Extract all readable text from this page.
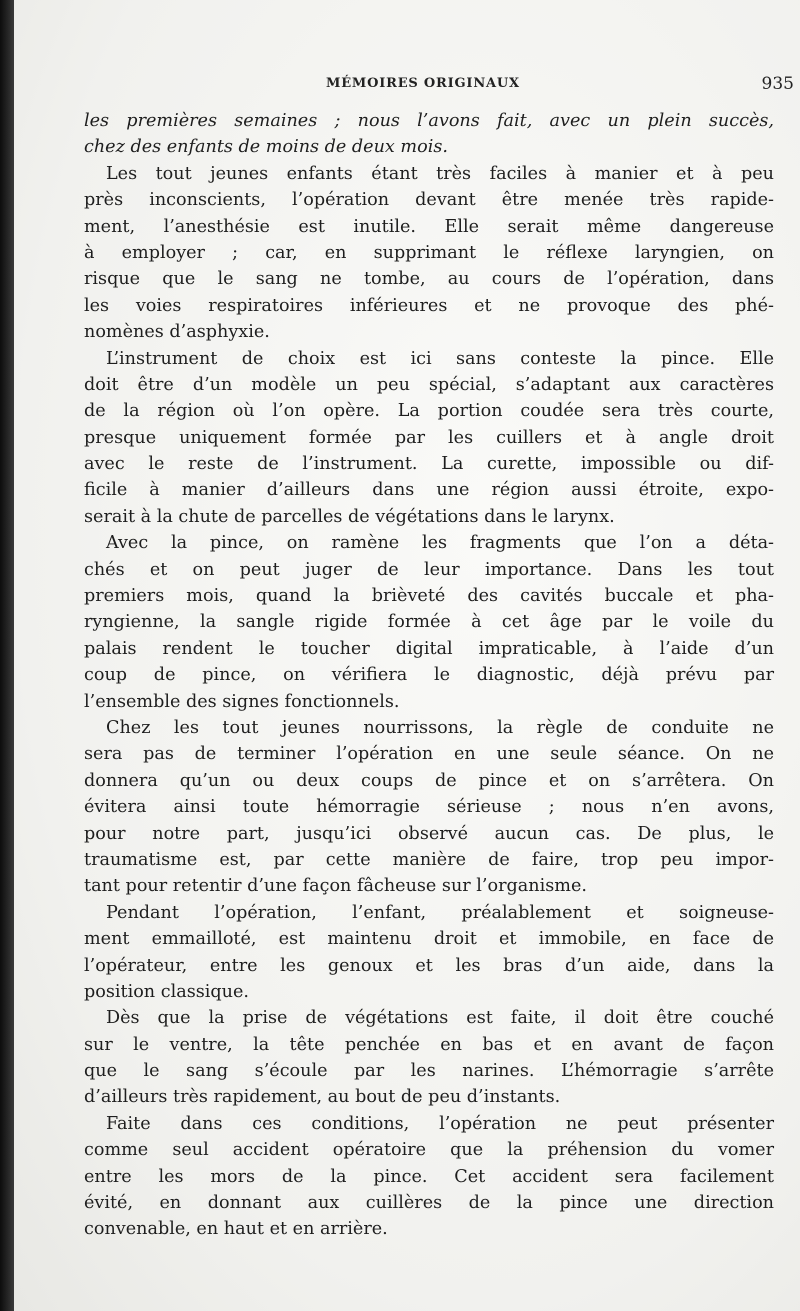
MÉMOIRES ORIGINAUX	935
les premières semaines ; nous l’avons fait, avec un plein succès,
chez des enfants de moins de deux mois.
Les tout jeunes enfants étant très faciles à manier et à peu
près inconscients, l’opération devant être menée très rapide-
ment, l’anesthésie est inutile. Elle serait même dangereuse
à employer ; car, en supprimant le réflexe laryngien, on
risque que le sang ne tombe, au cours de l’opération, dans
les voies respiratoires inférieures et ne provoque des phé-
nomènes d’asphyxie.
L’instrument de choix est ici sans conteste la pince. Elle
doit être d’un modèle un peu spécial, s’adaptant aux caractères
de la région où l’on opère. La portion coudée sera très courte,
presque uniquement formée par les cuillers et à angle droit
avec le reste de l’instrument. La curette, impossible ou dif-
ficile à manier d’ailleurs dans une région aussi étroite, expo-
serait à la chute de parcelles de végétations dans le larynx.
Avec la pince, on ramène les fragments que l’on a déta-
chés et on peut juger de leur importance. Dans les tout
premiers mois, quand la brièveté des cavités buccale et pha-
ryngienne, la sangle rigide formée à cet âge par le voile du
palais rendent le toucher digital impraticable, à l’aide d’un
coup de pince, on vérifiera le diagnostic, déjà prévu par
l’ensemble des signes fonctionnels.
Chez les tout jeunes nourrissons, la règle de conduite ne
sera pas de terminer l’opération en une seule séance. On ne
donnera qu’un ou deux coups de pince et on s’arrêtera. On
évitera ainsi toute hémorragie sérieuse ; nous n’en avons,
pour notre part, jusqu’ici observé aucun cas. De plus, le
traumatisme est, par cette manière de faire, trop peu impor-
tant pour retentir d’une façon fâcheuse sur l’organisme.
Pendant l’opération, l’enfant, préalablement et soigneuse-
ment emmailloté, est maintenu droit et immobile, en face de
l’opérateur, entre les genoux et les bras d’un aide, dans la
position classique.
Dès que la prise de végétations est faite, il doit être couché
sur le ventre, la tête penchée en bas et en avant de façon
que le sang s’écoule par les narines. L’hémorragie s’arrête
d’ailleurs très rapidement, au bout de peu d’instants.
Faite dans ces conditions, l’opération ne peut présenter
comme seul accident opératoire que la préhension du vomer
entre les mors de la pince. Cet accident sera facilement
évité, en donnant aux cuillères de la pince une direction
convenable, en haut et en arrière.
